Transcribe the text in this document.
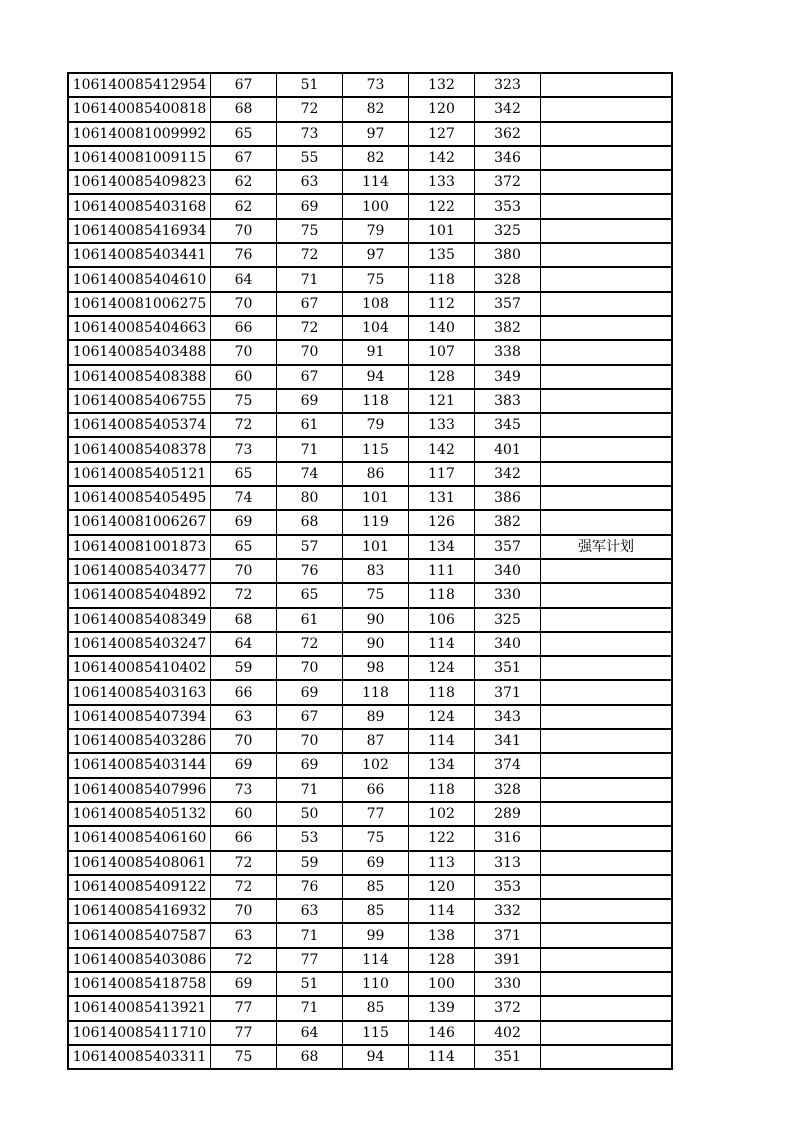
106140085412954	67	51	73	132	323	
106140085400818	68	72	82	120	342	
106140081009992	65	73	97	127	362	
106140081009115	67	55	82	142	346	
106140085409823	62	63	114	133	372	
106140085403168	62	69	100	122	353	
106140085416934	70	75	79	101	325	
106140085403441	76	72	97	135	380	
106140085404610	64	71	75	118	328	
106140081006275	70	67	108	112	357	
106140085404663	66	72	104	140	382	
106140085403488	70	70	91	107	338	
106140085408388	60	67	94	128	349	
106140085406755	75	69	118	121	383	
106140085405374	72	61	79	133	345	
106140085408378	73	71	115	142	401	
106140085405121	65	74	86	117	342	
106140085405495	74	80	101	131	386	
106140081006267	69	68	119	126	382	
106140081001873	65	57	101	134	357	强军计划
106140085403477	70	76	83	111	340	
106140085404892	72	65	75	118	330	
106140085408349	68	61	90	106	325	
106140085403247	64	72	90	114	340	
106140085410402	59	70	98	124	351	
106140085403163	66	69	118	118	371	
106140085407394	63	67	89	124	343	
106140085403286	70	70	87	114	341	
106140085403144	69	69	102	134	374	
106140085407996	73	71	66	118	328	
106140085405132	60	50	77	102	289	
106140085406160	66	53	75	122	316	
106140085408061	72	59	69	113	313	
106140085409122	72	76	85	120	353	
106140085416932	70	63	85	114	332	
106140085407587	63	71	99	138	371	
106140085403086	72	77	114	128	391	
106140085418758	69	51	110	100	330	
106140085413921	77	71	85	139	372	
106140085411710	77	64	115	146	402	
106140085403311	75	68	94	114	351	
